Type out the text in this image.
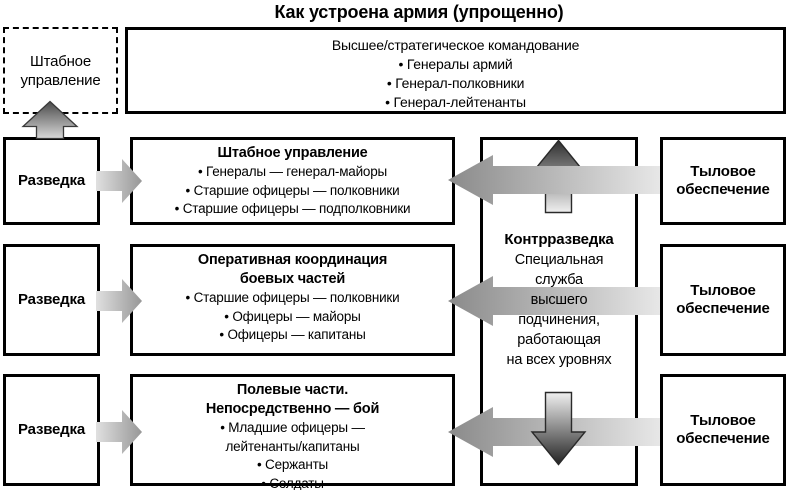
Как устроена армия (упрощенно)
Штабное управление
Высшее/стратегическое командование
• Генералы армий
• Генерал-полковники
• Генерал-лейтенанты
Разведка
Разведка
Разведка
Штабное управление
• Генералы — генерал-майоры
• Старшие офицеры — полковники
• Старшие офицеры — подполковники
Оперативная координация
боевых частей
• Старшие офицеры — полковники
• Офицеры — майоры
• Офицеры — капитаны
Полевые части.
Непосредственно — бой
• Младшие офицеры —
лейтенанты/капитаны
• Сержанты
• Солдаты
Контрразведка
Специальная
служба
высшего
подчинения,
работающая
на всех уровнях
Тыловое обеспечение
Тыловое обеспечение
Тыловое обеспечение
